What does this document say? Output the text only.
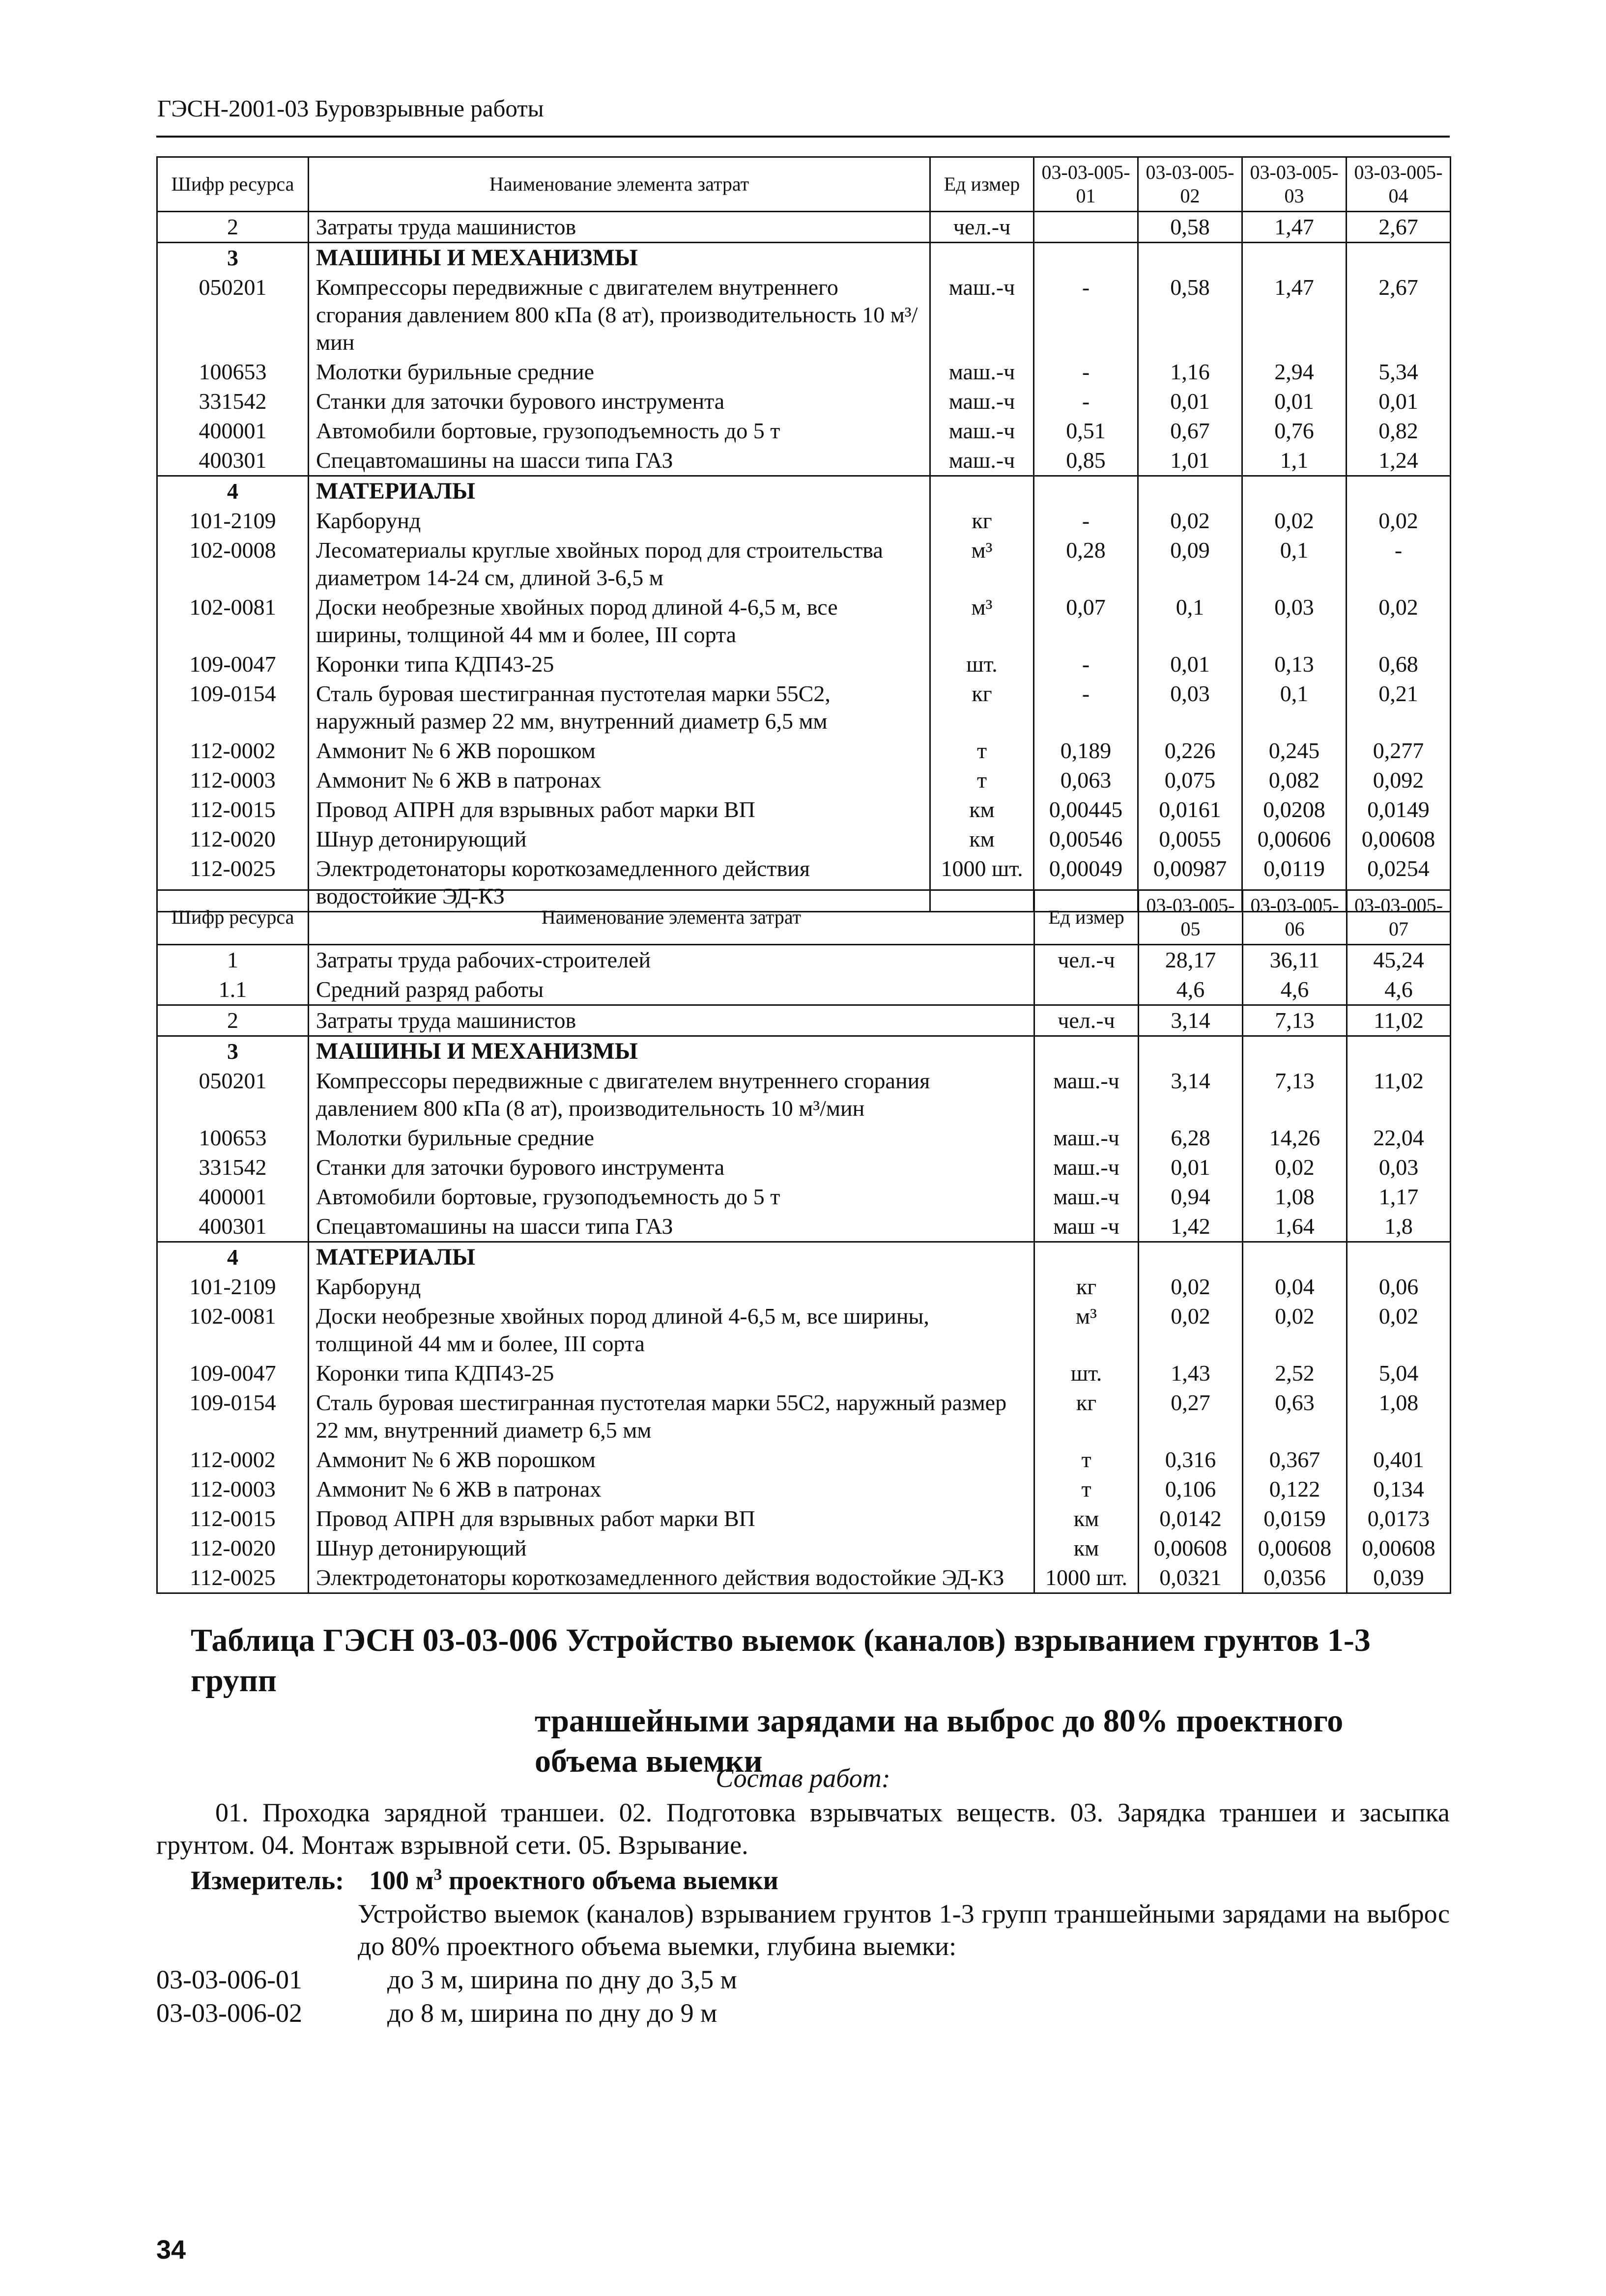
ГЭСН-2001-03 Буровзрывные работы
Шифр ресурса	Наименование элемента затрат	Ед измер	03-03-005-01	03-03-005-02	03-03-005-03	03-03-005-04
2	Затраты труда машинистов	чел.-ч		0,58	1,47	2,67
3	МАШИНЫ И МЕХАНИЗМЫ					
050201	Компрессоры передвижные с двигателем внутреннего сгорания давлением 800 кПа (8 ат), производительность 10 м³/мин	маш.-ч	-	0,58	1,47	2,67
100653	Молотки бурильные средние	маш.-ч	-	1,16	2,94	5,34
331542	Станки для заточки бурового инструмента	маш.-ч	-	0,01	0,01	0,01
400001	Автомобили бортовые, грузоподъемность до 5 т	маш.-ч	0,51	0,67	0,76	0,82
400301	Спецавтомашины на шасси типа ГАЗ	маш.-ч	0,85	1,01	1,1	1,24
4	МАТЕРИАЛЫ					
101-2109	Карборунд	кг	-	0,02	0,02	0,02
102-0008	Лесоматериалы круглые хвойных пород для строительства диаметром 14-24 см, длиной 3-6,5 м	м³	0,28	0,09	0,1	-
102-0081	Доски необрезные хвойных пород длиной 4-6,5 м, все ширины, толщиной 44 мм и более, III сорта	м³	0,07	0,1	0,03	0,02
109-0047	Коронки типа КДП43-25	шт.	-	0,01	0,13	0,68
109-0154	Сталь буровая шестигранная пустотелая марки 55С2, наружный размер 22 мм, внутренний диаметр 6,5 мм	кг	-	0,03	0,1	0,21
112-0002	Аммонит № 6 ЖВ порошком	т	0,189	0,226	0,245	0,277
112-0003	Аммонит № 6 ЖВ в патронах	т	0,063	0,075	0,082	0,092
112-0015	Провод АПРН для взрывных работ марки ВП	км	0,00445	0,0161	0,0208	0,0149
112-0020	Шнур детонирующий	км	0,00546	0,0055	0,00606	0,00608
112-0025	Электродетонаторы короткозамедленного действия водостойкие ЭД-КЗ	1000 шт.	0,00049	0,00987	0,0119	0,0254
Шифр ресурса	Наименование элемента затрат	Ед измер	03-03-005-05	03-03-005-06	03-03-005-07
1	Затраты труда рабочих-строителей	чел.-ч	28,17	36,11	45,24
1.1	Средний разряд работы		4,6	4,6	4,6
2	Затраты труда машинистов	чел.-ч	3,14	7,13	11,02
3	МАШИНЫ И МЕХАНИЗМЫ				
050201	Компрессоры передвижные с двигателем внутреннего сгорания давлением 800 кПа (8 ат), производительность 10 м³/мин	маш.-ч	3,14	7,13	11,02
100653	Молотки бурильные средние	маш.-ч	6,28	14,26	22,04
331542	Станки для заточки бурового инструмента	маш.-ч	0,01	0,02	0,03
400001	Автомобили бортовые, грузоподъемность до 5 т	маш.-ч	0,94	1,08	1,17
400301	Спецавтомашины на шасси типа ГАЗ	маш -ч	1,42	1,64	1,8
4	МАТЕРИАЛЫ				
101-2109	Карборунд	кг	0,02	0,04	0,06
102-0081	Доски необрезные хвойных пород длиной 4-6,5 м, все ширины, толщиной 44 мм и более, III сорта	м³	0,02	0,02	0,02
109-0047	Коронки типа КДП43-25	шт.	1,43	2,52	5,04
109-0154	Сталь буровая шестигранная пустотелая марки 55С2, наружный размер 22 мм, внутренний диаметр 6,5 мм	кг	0,27	0,63	1,08
112-0002	Аммонит № 6 ЖВ порошком	т	0,316	0,367	0,401
112-0003	Аммонит № 6 ЖВ в патронах	т	0,106	0,122	0,134
112-0015	Провод АПРН для взрывных работ марки ВП	км	0,0142	0,0159	0,0173
112-0020	Шнур детонирующий	км	0,00608	0,00608	0,00608
112-0025	Электродетонаторы короткозамедленного действия водостойкие ЭД-КЗ	1000 шт.	0,0321	0,0356	0,039
Таблица ГЭСН 03-03-006 Устройство выемок (каналов) взрыванием грунтов 1-3 групп
траншейными зарядами на выброс до 80% проектного объема выемки
Состав работ:
01. Проходка зарядной траншеи. 02. Подготовка взрывчатых веществ. 03. Зарядка траншеи и засыпка грунтом. 04. Монтаж взрывной сети. 05. Взрывание.
Измеритель: 100 $м^3$ проектного объема выемки
Устройство выемок (каналов) взрыванием грунтов 1-3 групп траншейными зарядами на выброс до 80% проектного объема выемки, глубина выемки:
03-03-006-01	до 3 м, ширина по дну до 3,5 м
03-03-006-02	до 8 м, ширина по дну до 9 м
34
